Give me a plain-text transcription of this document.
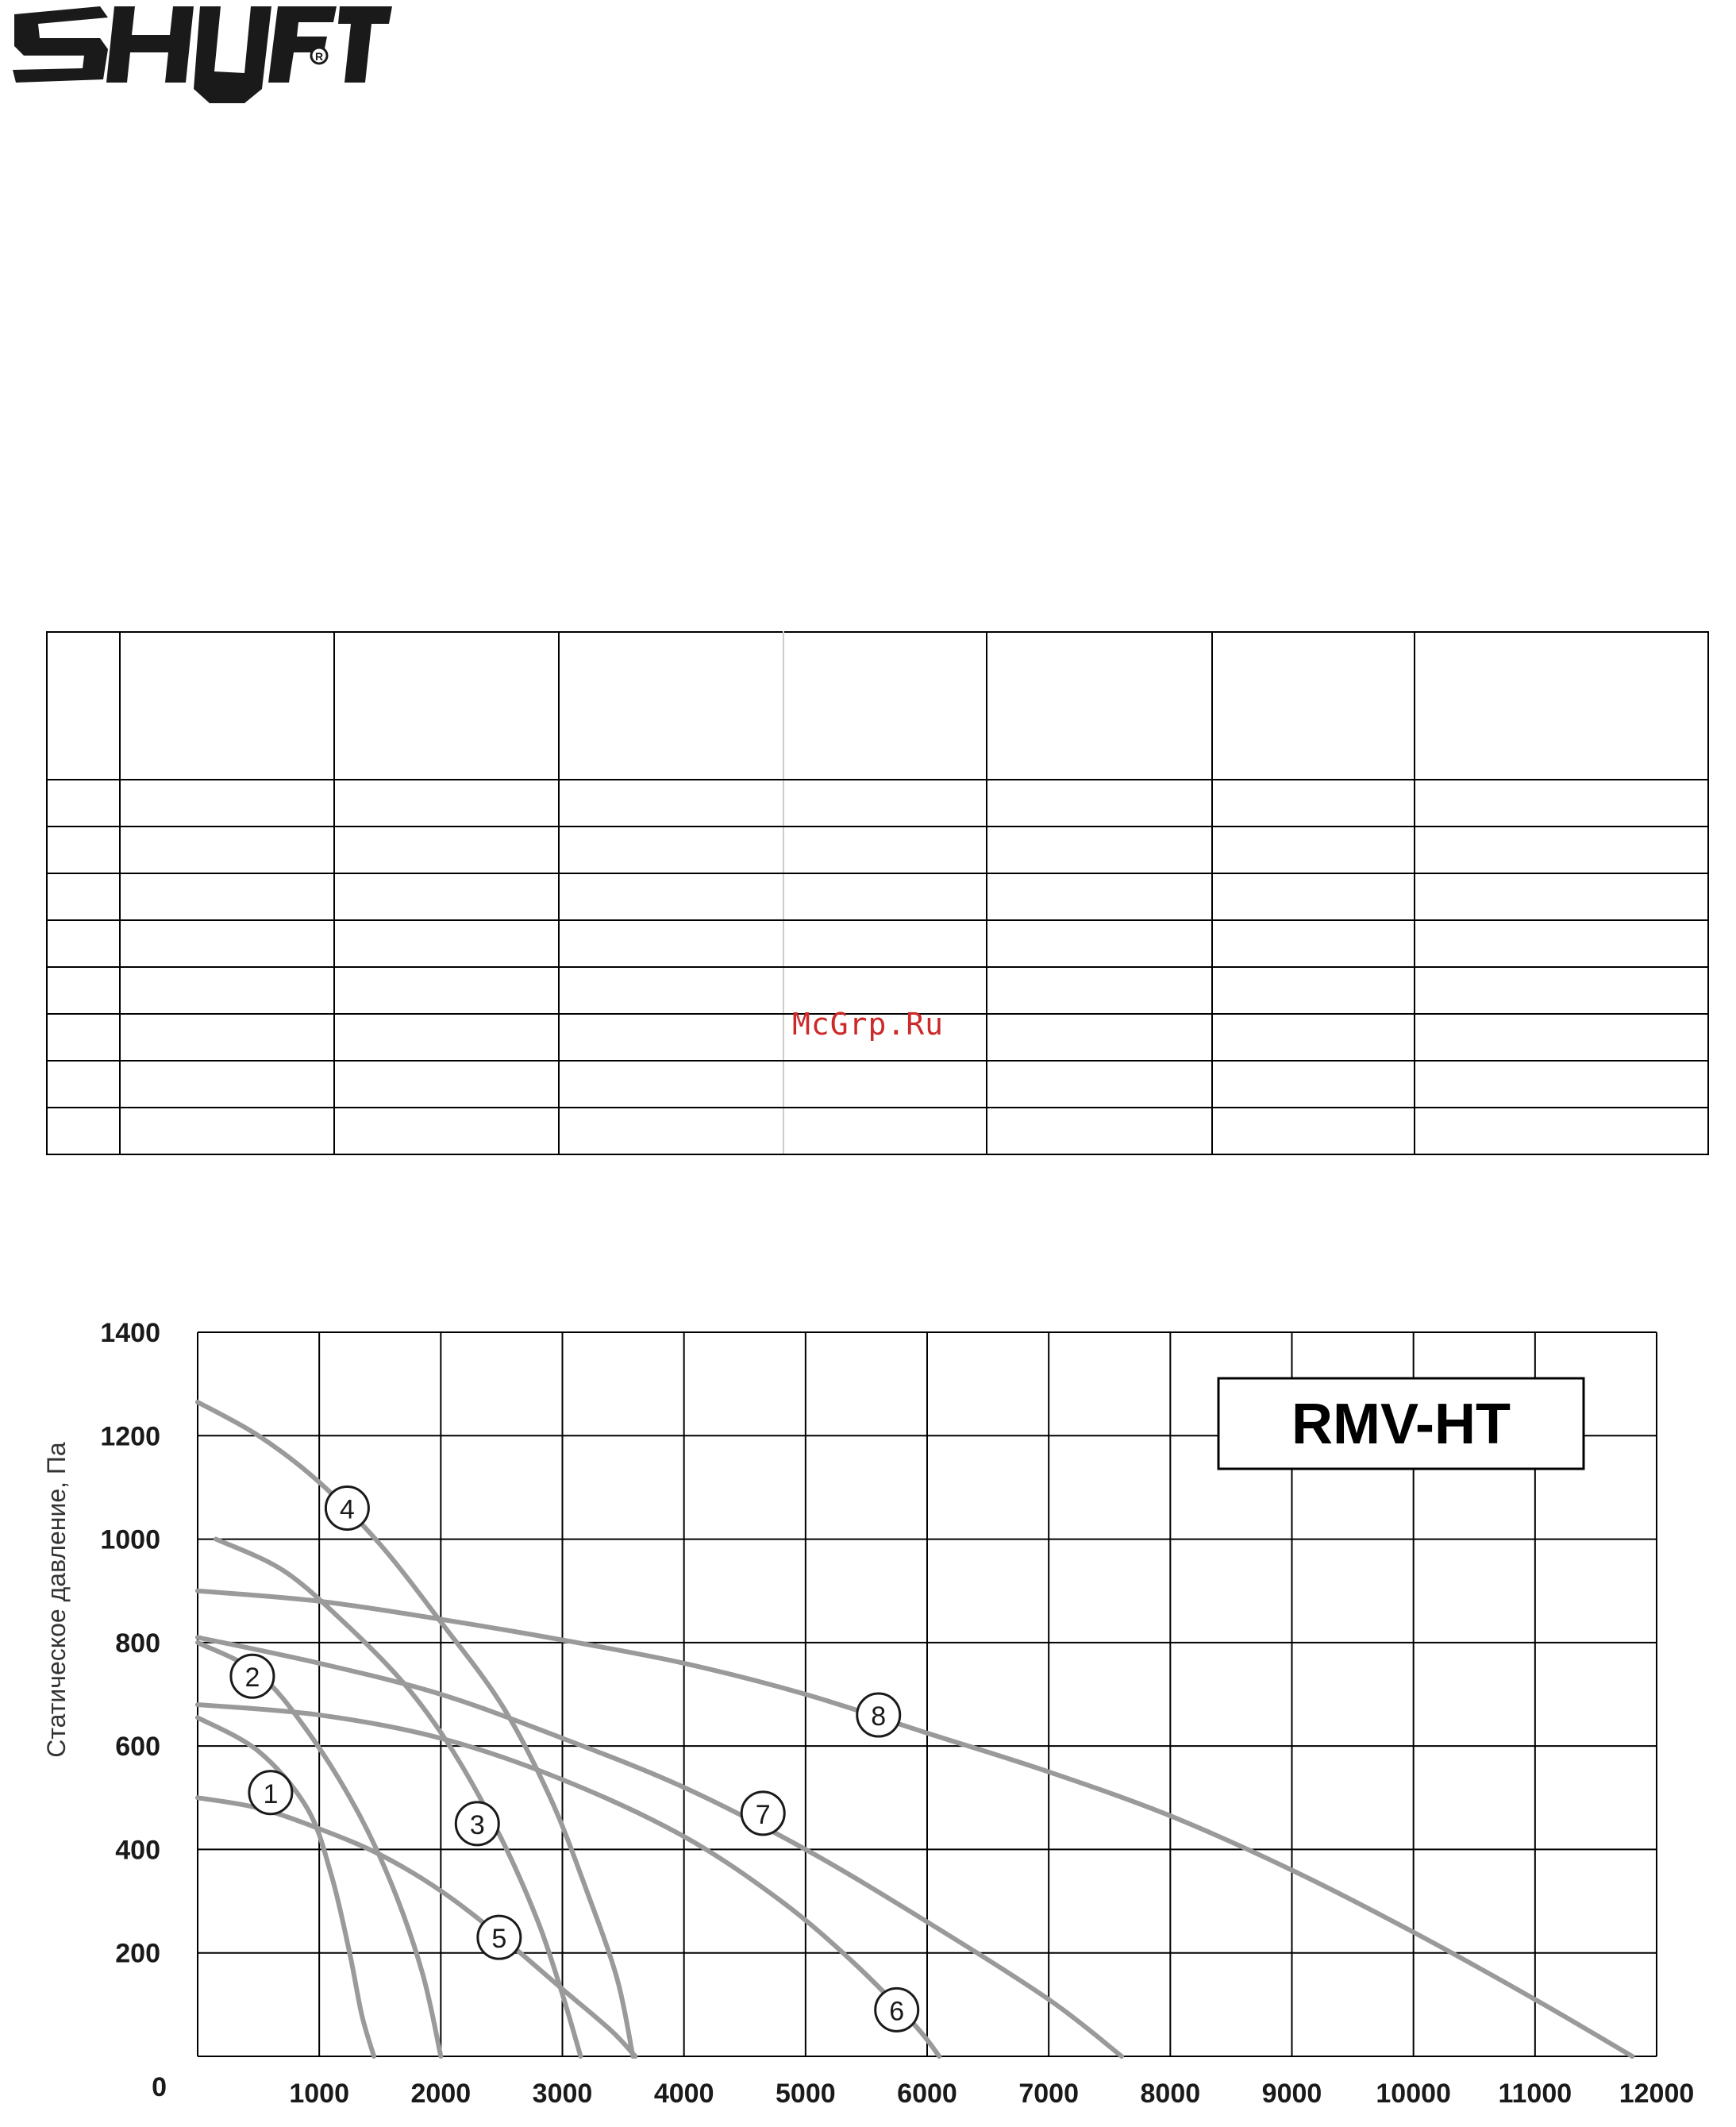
R

McGrp.Ru
1
2
3
4
5
6
7
8
1000 2000 3000 4000 5000 6000 7000 8000 9000 10000 11000 12000
200
400
600
800
1000
1200
1400
0
RMV-HT
Статическое давление, Па
